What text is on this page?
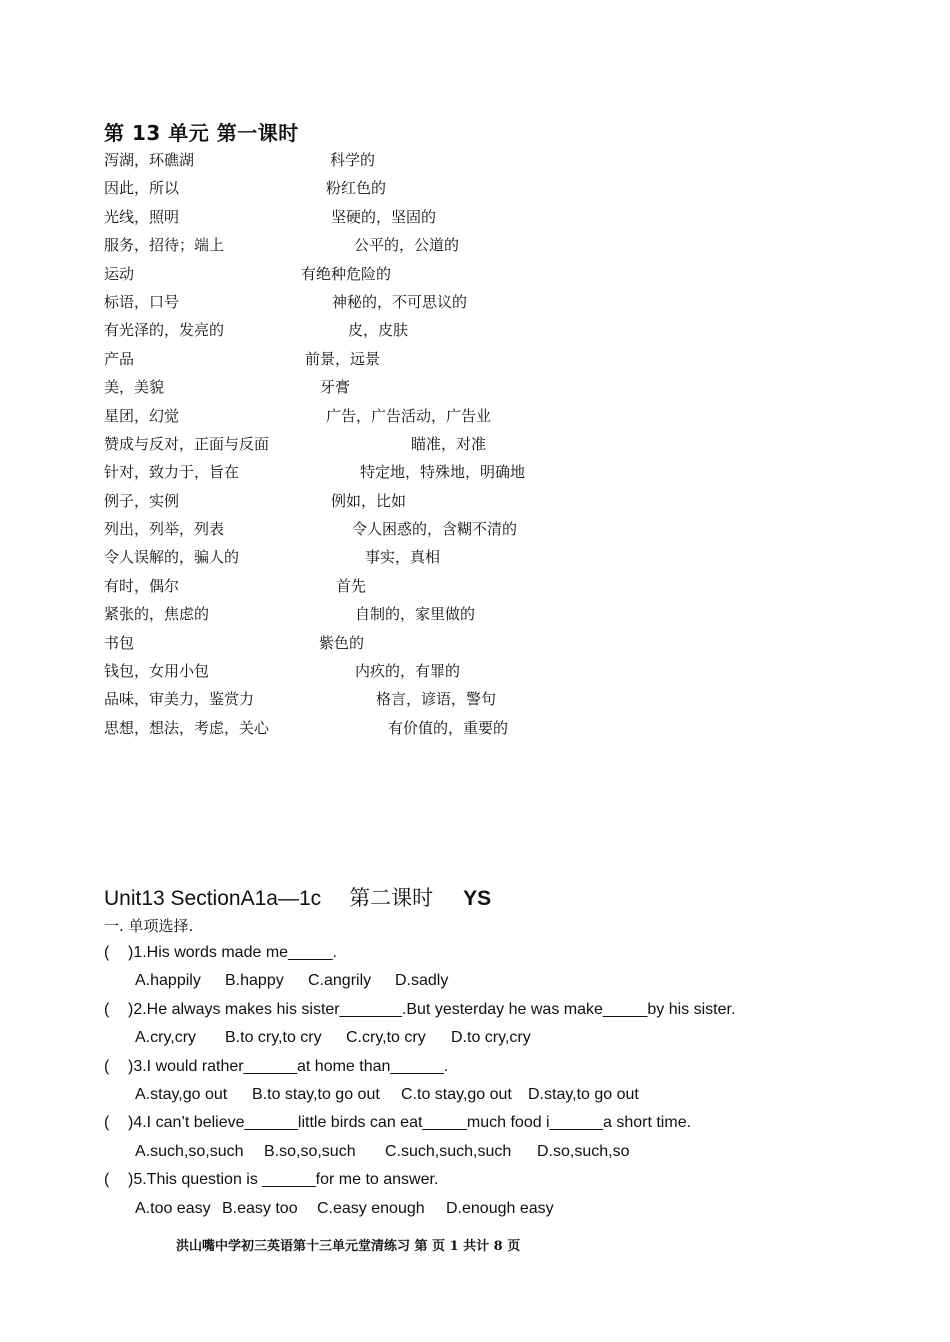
第 13 单元 第一课时
泻湖，环礁湖	科学的
因此，所以	粉红色的
光线，照明	坚硬的，坚固的
服务，招待；端上	公平的，公道的
运动	有绝种危险的
标语，口号	神秘的，不可思议的
有光泽的，发亮的	皮，皮肤
产品	前景，远景
美，美貌	牙膏
星团，幻觉	广告，广告活动，广告业
赞成与反对，正面与反面	瞄准，对准
针对，致力于，旨在	特定地，特殊地，明确地
例子，实例	例如，比如
列出，列举，列表	令人困惑的，含糊不清的
令人误解的，骗人的	事实，真相
有时，偶尔	首先
紧张的，焦虑的	自制的，家里做的
书包	紫色的
钱包，女用小包	内疚的，有罪的
品味，审美力，鉴赏力	格言，谚语，警句
思想，想法，考虑，关心	有价值的，重要的
Unit13 SectionA1a—1c 第二课时 YS
一. 单项选择.
( )1.His words made me_____.
A.happily B.happy C.angrily D.sadly
( )2.He always makes his sister_______.But yesterday he was make_____by his sister.
A.cry,cry B.to cry,to cry C.cry,to cry D.to cry,cry
( )3.I would rather______at home than______.
A.stay,go out B.to stay,to go out C.to stay,go out D.stay,to go out
( )4.I can’t believe______little birds can eat_____much food i______a short time.
A.such,so,such B.so,so,such C.such,such,such D.so,such,so
( )5.This question is ______for me to answer.
A.too easy B.easy too C.easy enough D.enough easy
洪山嘴中学初三英语第十三单元堂清练习 第 页 1 共计 8 页
